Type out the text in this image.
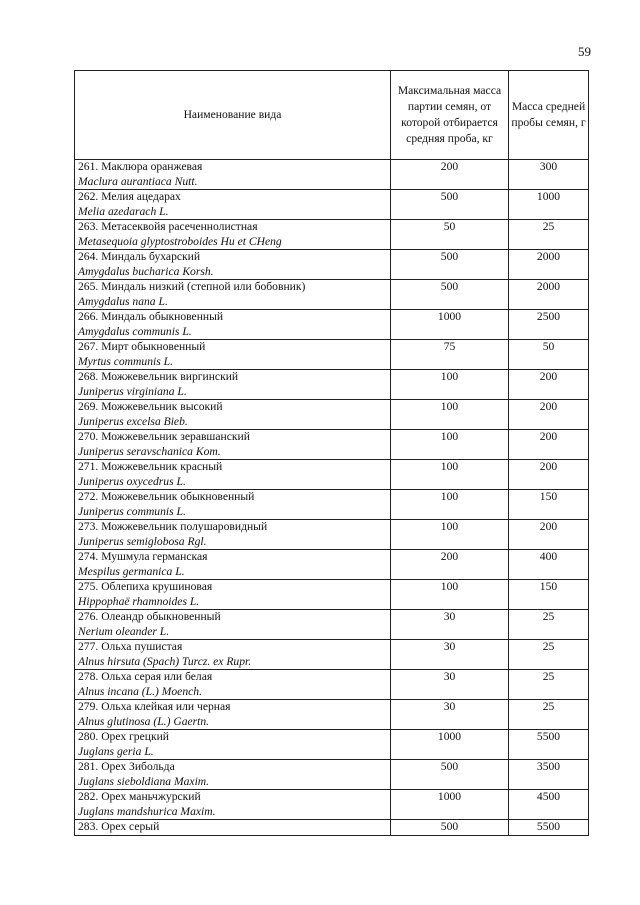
59
Наименование вида	Максимальная масса партии семян, от которой отбирается средняя проба, кг	Масса средней пробы семян, г
261. Маклюра оранжевая
Maclura aurantiaca Nutt.	200	300
262. Мелия ацедарах
Melia azedarach L.	500	1000
263. Метасеквойя расеченнолистная
Metasequoia glyptostroboides Hu et CHeng	50	25
264. Миндаль бухарский
Amygdalus bucharica Korsh.	500	2000
265. Миндаль низкий (степной или бобовник)
Amygdalus nana L.	500	2000
266. Миндаль обыкновенный
Amygdalus communis L.	1000	2500
267. Мирт обыкновенный
Myrtus communis L.	75	50
268. Можжевельник виргинский
Juniperus virginiana L.	100	200
269. Можжевельник высокий
Juniperus excelsa Bieb.	100	200
270. Можжевельник зеравшанский
Juniperus seravschanica Kom.	100	200
271. Можжевельник красный
Juniperus oxycedrus L.	100	200
272. Можжевельник обыкновенный
Juniperus communis L.	100	150
273. Можжевельник полушаровидный
Juniperus semiglobosa Rgl.	100	200
274. Мушмула германская
Mespilus germanica L.	200	400
275. Облепиха крушиновая
Hippophaë rhamnoides L.	100	150
276. Олеандр обыкновенный
Nerium oleander L.	30	25
277. Ольха пушистая
Alnus hirsuta (Spach) Turcz. ex Rupr.	30	25
278. Ольха серая или белая
Alnus incana (L.) Moench.	30	25
279. Ольха клейкая или черная
Alnus glutinosa (L.) Gaertn.	30	25
280. Орех грецкий
Juglans geria L.	1000	5500
281. Орех Зибольда
Juglans sieboldiana Maxim.	500	3500
282. Орех маньчжурский
Juglans mandshurica Maxim.	1000	4500
283. Орех серый	500	5500
